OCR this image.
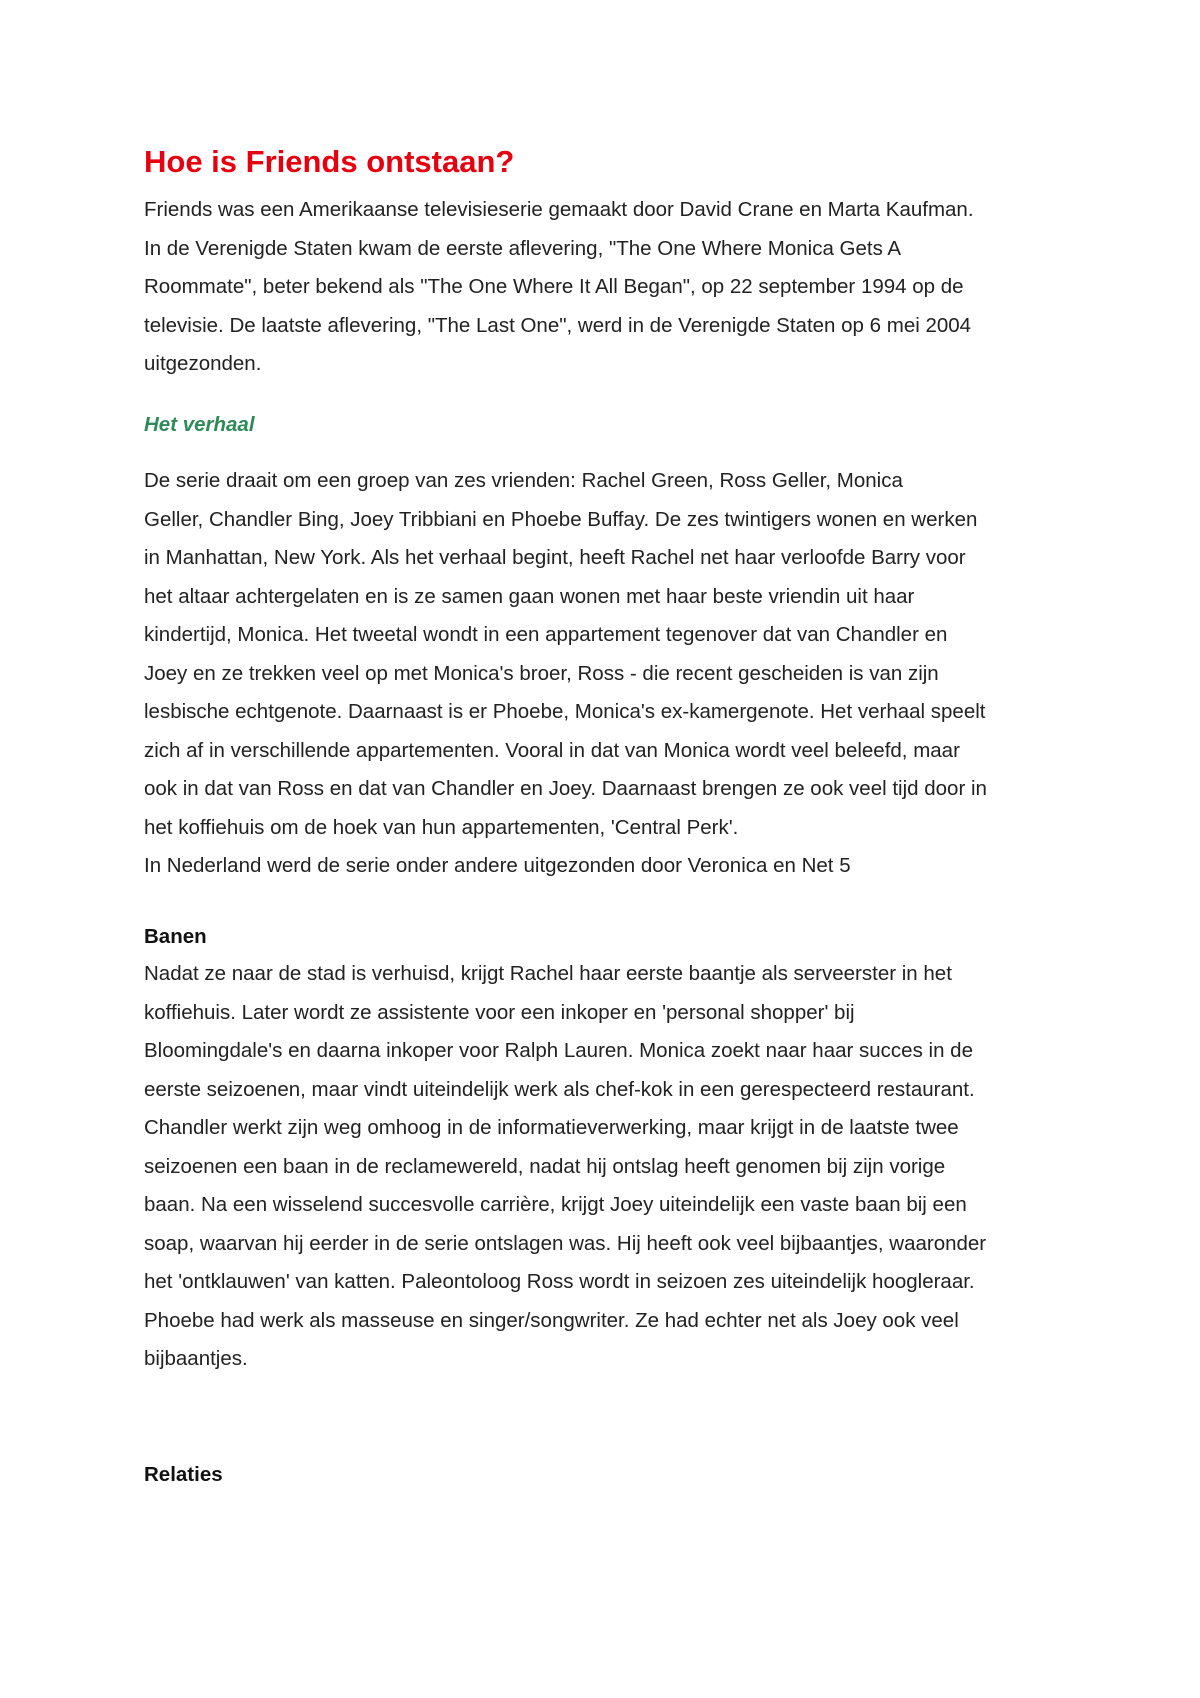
Hoe is Friends ontstaan?

Friends was een Amerikaanse televisieserie gemaakt door David Crane en Marta Kaufman.
In de Verenigde Staten kwam de eerste aflevering, "The One Where Monica Gets A
Roommate", beter bekend als "The One Where It All Began", op 22 september 1994 op de
televisie. De laatste aflevering, "The Last One", werd in de Verenigde Staten op 6 mei 2004
uitgezonden.

Het verhaal

De serie draait om een groep van zes vrienden: Rachel Green, Ross Geller, Monica
Geller, Chandler Bing, Joey Tribbiani en Phoebe Buffay. De zes twintigers wonen en werken
in Manhattan, New York. Als het verhaal begint, heeft Rachel net haar verloofde Barry voor
het altaar achtergelaten en is ze samen gaan wonen met haar beste vriendin uit haar
kindertijd, Monica. Het tweetal wondt in een appartement tegenover dat van Chandler en
Joey en ze trekken veel op met Monica's broer, Ross - die recent gescheiden is van zijn
lesbische echtgenote. Daarnaast is er Phoebe, Monica's ex-kamergenote. Het verhaal speelt
zich af in verschillende appartementen. Vooral in dat van Monica wordt veel beleefd, maar
ook in dat van Ross en dat van Chandler en Joey. Daarnaast brengen ze ook veel tijd door in
het koffiehuis om de hoek van hun appartementen, 'Central Perk'.
In Nederland werd de serie onder andere uitgezonden door Veronica en Net 5

Banen

Nadat ze naar de stad is verhuisd, krijgt Rachel haar eerste baantje als serveerster in het
koffiehuis. Later wordt ze assistente voor een inkoper en 'personal shopper' bij
Bloomingdale's en daarna inkoper voor Ralph Lauren. Monica zoekt naar haar succes in de
eerste seizoenen, maar vindt uiteindelijk werk als chef-kok in een gerespecteerd restaurant.
Chandler werkt zijn weg omhoog in de informatieverwerking, maar krijgt in de laatste twee
seizoenen een baan in de reclamewereld, nadat hij ontslag heeft genomen bij zijn vorige
baan. Na een wisselend succesvolle carrière, krijgt Joey uiteindelijk een vaste baan bij een
soap, waarvan hij eerder in de serie ontslagen was. Hij heeft ook veel bijbaantjes, waaronder
het 'ontklauwen' van katten. Paleontoloog Ross wordt in seizoen zes uiteindelijk hoogleraar.
Phoebe had werk als masseuse en singer/songwriter. Ze had echter net als Joey ook veel
bijbaantjes.

Relaties
